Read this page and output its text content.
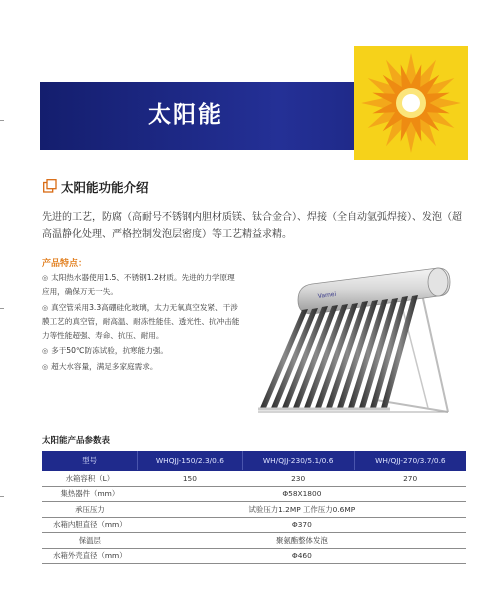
太阳能
太阳能功能介绍
先进的工艺，防腐（高耐号不锈钢内胆材质镁、钛合金合）、焊接（全自动氩弧焊接）、发泡（超高温静化处理、严格控制发泡层密度）等工艺精益求精。
产品特点：
◎ 太阳热水器使用1.5、不锈钢1.2材质。先进的力学原理应用，确保万无一失。
◎ 真空管采用3.3高硼硅化玻璃，太力无氧真空发紧、干涉膜工艺的真空管，耐高温、耐冻性能佳、透光性、抗冲击能力等性能超强、寿命、抗压、耐用。
◎ 多于50℃防冻试验，抗寒能力强。
◎ 超大水容量，满足多家庭需求。
Vamei
太阳能产品参数表
型号	WHQJJ-150/2.3/0.6	WH/QJJ-230/5.1/0.6	WH/QJJ-270/3.7/0.6
水箱容积（L）	150	230	270
集热器件（mm）	Φ58X1800		
承压压力	试验压力1.2MP 工作压力0.6MP		
水箱内胆直径（mm）	Φ370		
保温层	聚氨酯整体发泡		
水箱外壳直径（mm）	Φ460		
